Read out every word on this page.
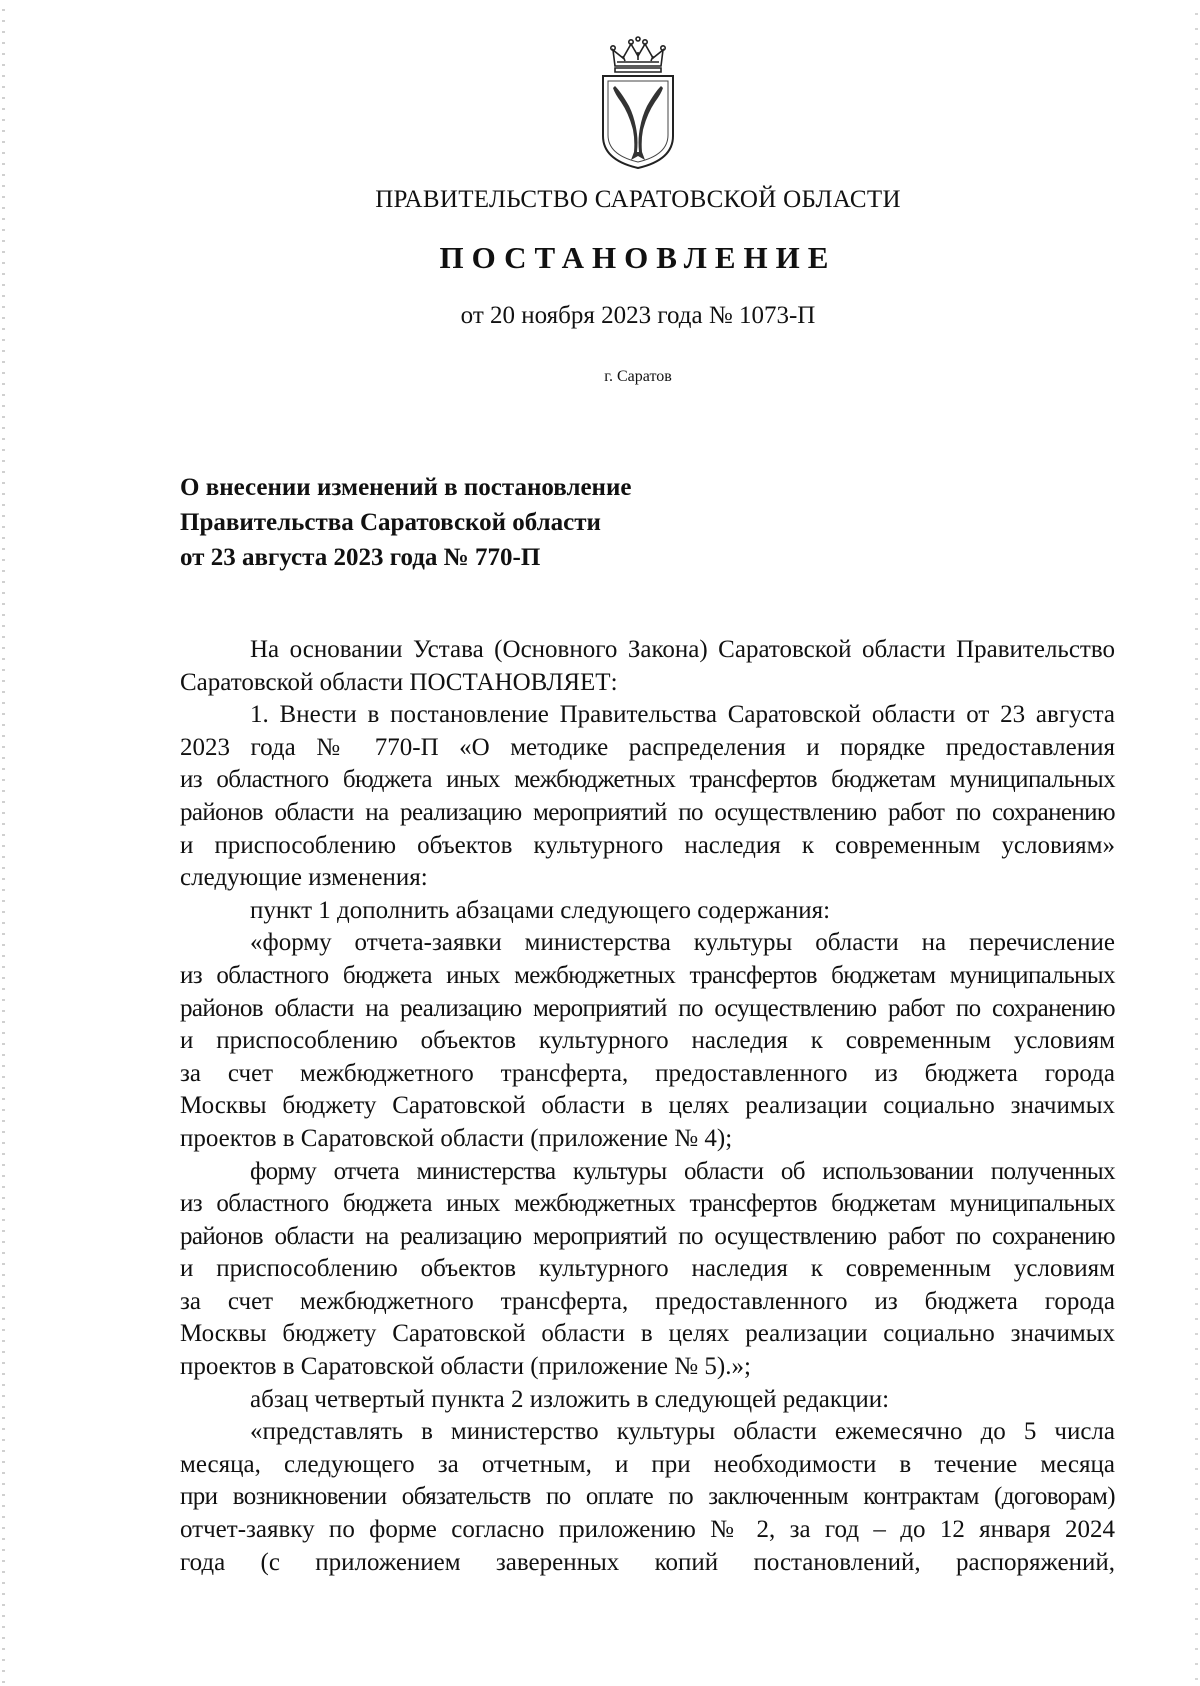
ПРАВИТЕЛЬСТВО САРАТОВСКОЙ ОБЛАСТИ
ПОСТАНОВЛЕНИЕ
от 20 ноября 2023 года № 1073-П
г. Саратов
О внесении изменений в постановление
Правительства Саратовской области
от 23 августа 2023 года № 770-П
На основании Устава (Основного Закона) Саратовской области Правительство
Саратовской области ПОСТАНОВЛЯЕТ:
1. Внести в постановление Правительства Саратовской области от 23 августа
2023 года № 770-П «О методике распределения и порядке предоставления
из областного бюджета иных межбюджетных трансфертов бюджетам муниципальных
районов области на реализацию мероприятий по осуществлению работ по сохранению
и приспособлению объектов культурного наследия к современным условиям»
следующие изменения:
пункт 1 дополнить абзацами следующего содержания:
«форму отчета-заявки министерства культуры области на перечисление
из областного бюджета иных межбюджетных трансфертов бюджетам муниципальных
районов области на реализацию мероприятий по осуществлению работ по сохранению
и приспособлению объектов культурного наследия к современным условиям
за счет межбюджетного трансферта, предоставленного из бюджета города
Москвы бюджету Саратовской области в целях реализации социально значимых
проектов в Саратовской области (приложение № 4);
форму отчета министерства культуры области об использовании полученных
из областного бюджета иных межбюджетных трансфертов бюджетам муниципальных
районов области на реализацию мероприятий по осуществлению работ по сохранению
и приспособлению объектов культурного наследия к современным условиям
за счет межбюджетного трансферта, предоставленного из бюджета города
Москвы бюджету Саратовской области в целях реализации социально значимых
проектов в Саратовской области (приложение № 5).»;
абзац четвертый пункта 2 изложить в следующей редакции:
«представлять в министерство культуры области ежемесячно до 5 числа
месяца, следующего за отчетным, и при необходимости в течение месяца
при возникновении обязательств по оплате по заключенным контрактам (договорам)
отчет-заявку по форме согласно приложению № 2, за год – до 12 января 2024
года (с приложением заверенных копий постановлений, распоряжений,
